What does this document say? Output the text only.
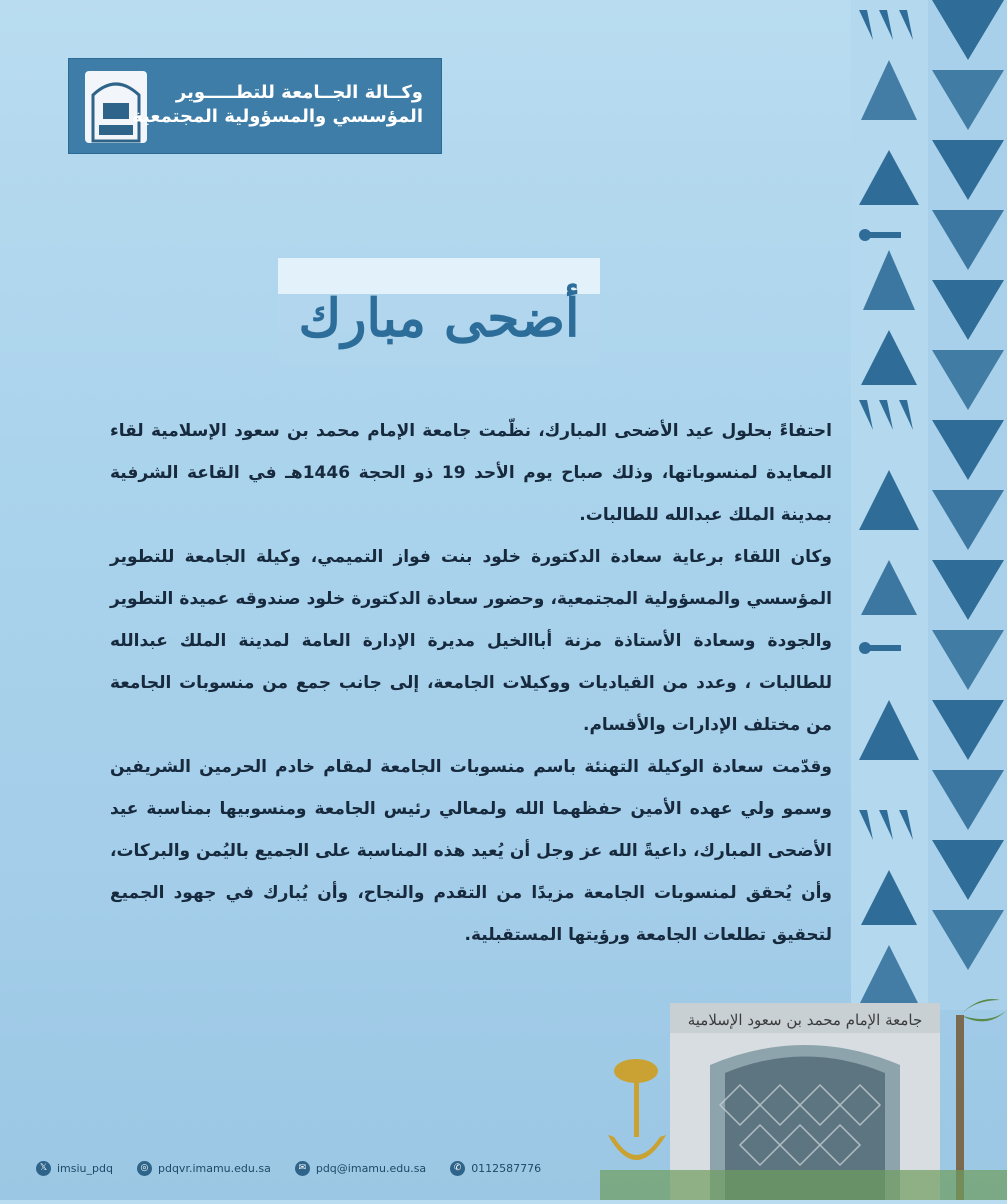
وكــالة الجــامعة للتطـــــوير
المؤسسي والمسؤولية المجتمعية
أضحى مبارك

احتفاءً بحلول عيد الأضحى المبارك، نظّمت جامعة الإمام محمد بن سعود الإسلامية لقاء المعايدة لمنسوباتها، وذلك صباح يوم الأحد 19 ذو الحجة 1446هـ في القاعة الشرفية بمدينة الملك عبدالله للطالبات.

وكان اللقاء برعاية سعادة الدكتورة خلود بنت فواز التميمي، وكيلة الجامعة للتطوير المؤسسي والمسؤولية المجتمعية، وحضور سعادة الدكتورة خلود صندوقه عميدة التطوير والجودة وسعادة الأستاذة مزنة أباالخيل مديرة الإدارة العامة لمدينة الملك عبدالله للطالبات ، وعدد من القياديات ووكيلات الجامعة، إلى جانب جمع من منسوبات الجامعة من مختلف الإدارات والأقسام.

وقدّمت سعادة الوكيلة التهنئة باسم منسوبات الجامعة لمقام خادم الحرمين الشريفين وسمو ولي عهده الأمين حفظهما الله ولمعالي رئيس الجامعة ومنسوبيها بمناسبة عيد الأضحى المبارك، داعيةً الله عز وجل أن يُعيد هذه المناسبة على الجميع باليُمن والبركات، وأن يُحقق لمنسوبات الجامعة مزيدًا من التقدم والنجاح، وأن يُبارك في جهود الجميع لتحقيق تطلعات الجامعة ورؤيتها المستقبلية.

جامعة الإمام محمد بن سعود الإسلامية
𝕏 imsiu_pdq	◎ pdqvr.imamu.edu.sa	✉ pdq@imamu.edu.sa	✆ 0112587776
